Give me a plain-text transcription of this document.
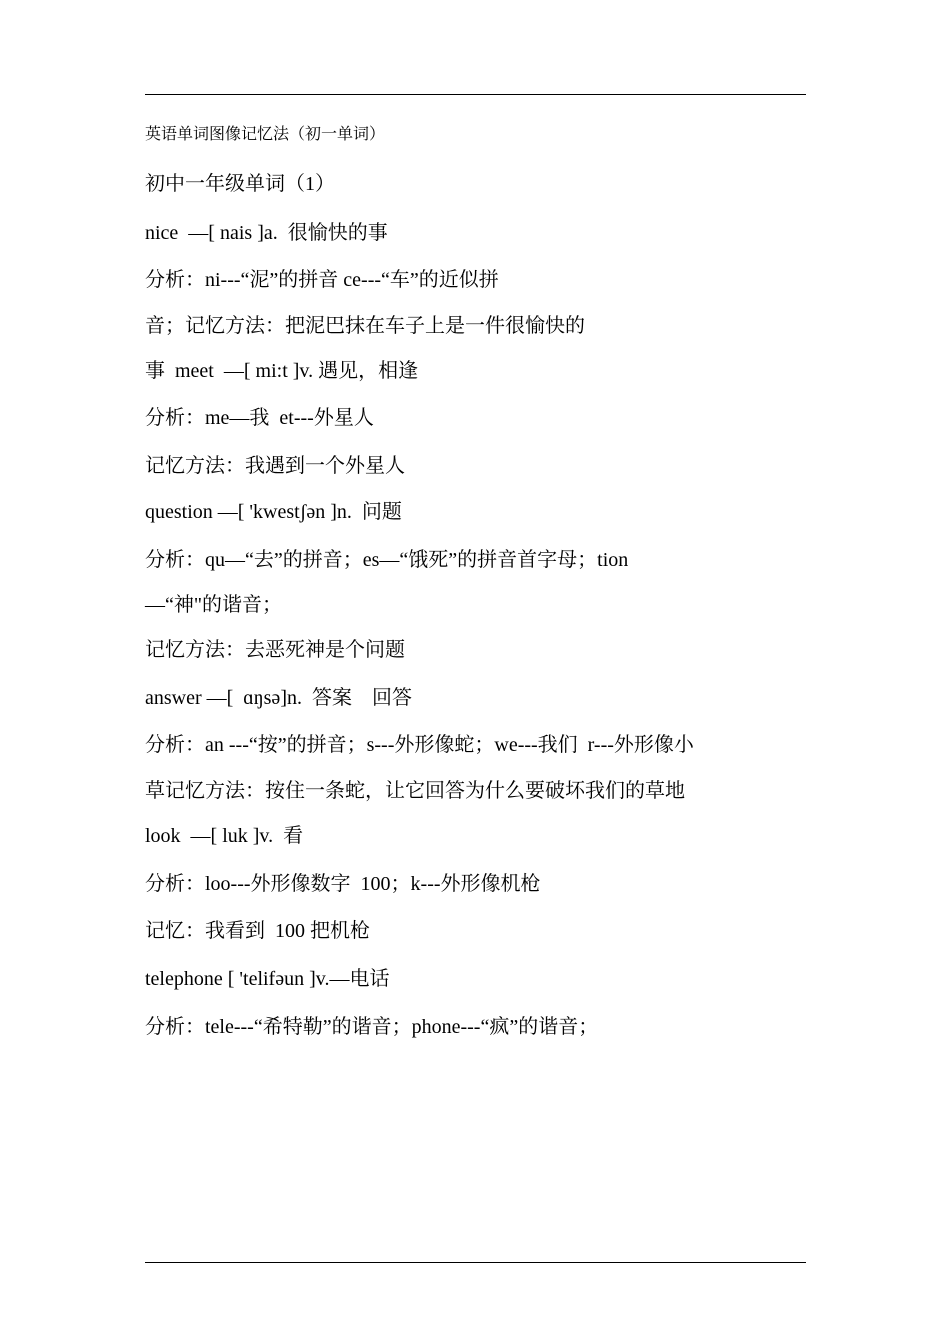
英语单词图像记忆法（初一单词）
初中一年级单词（1）
nice  —[ nais ]a.  很愉快的事
分析：ni---“泥”的拼音 ce---“车”的近似拼
音；记忆方法：把泥巴抹在车子上是一件很愉快的
事  meet  —[ mi:t ]v. 遇见，相逢
分析：me—我  et---外星人
记忆方法：我遇到一个外星人
question —[ 'kwestʃən ]n.  问题
分析：qu—“去”的拼音；es—“饿死”的拼音首字母；tion
—“神"的谐音；
记忆方法：去恶死神是个问题
answer —[  ɑŋsə]n.  答案    回答
分析：an ---“按”的拼音；s---外形像蛇；we---我们  r---外形像小
草记忆方法：按住一条蛇，让它回答为什么要破坏我们的草地
look  —[ luk ]v.  看
分析：loo---外形像数字  100；k---外形像机枪
记忆：我看到  100 把机枪
telephone [ 'telifəun ]v.—电话
分析：tele---“希特勒”的谐音；phone---“疯”的谐音；
